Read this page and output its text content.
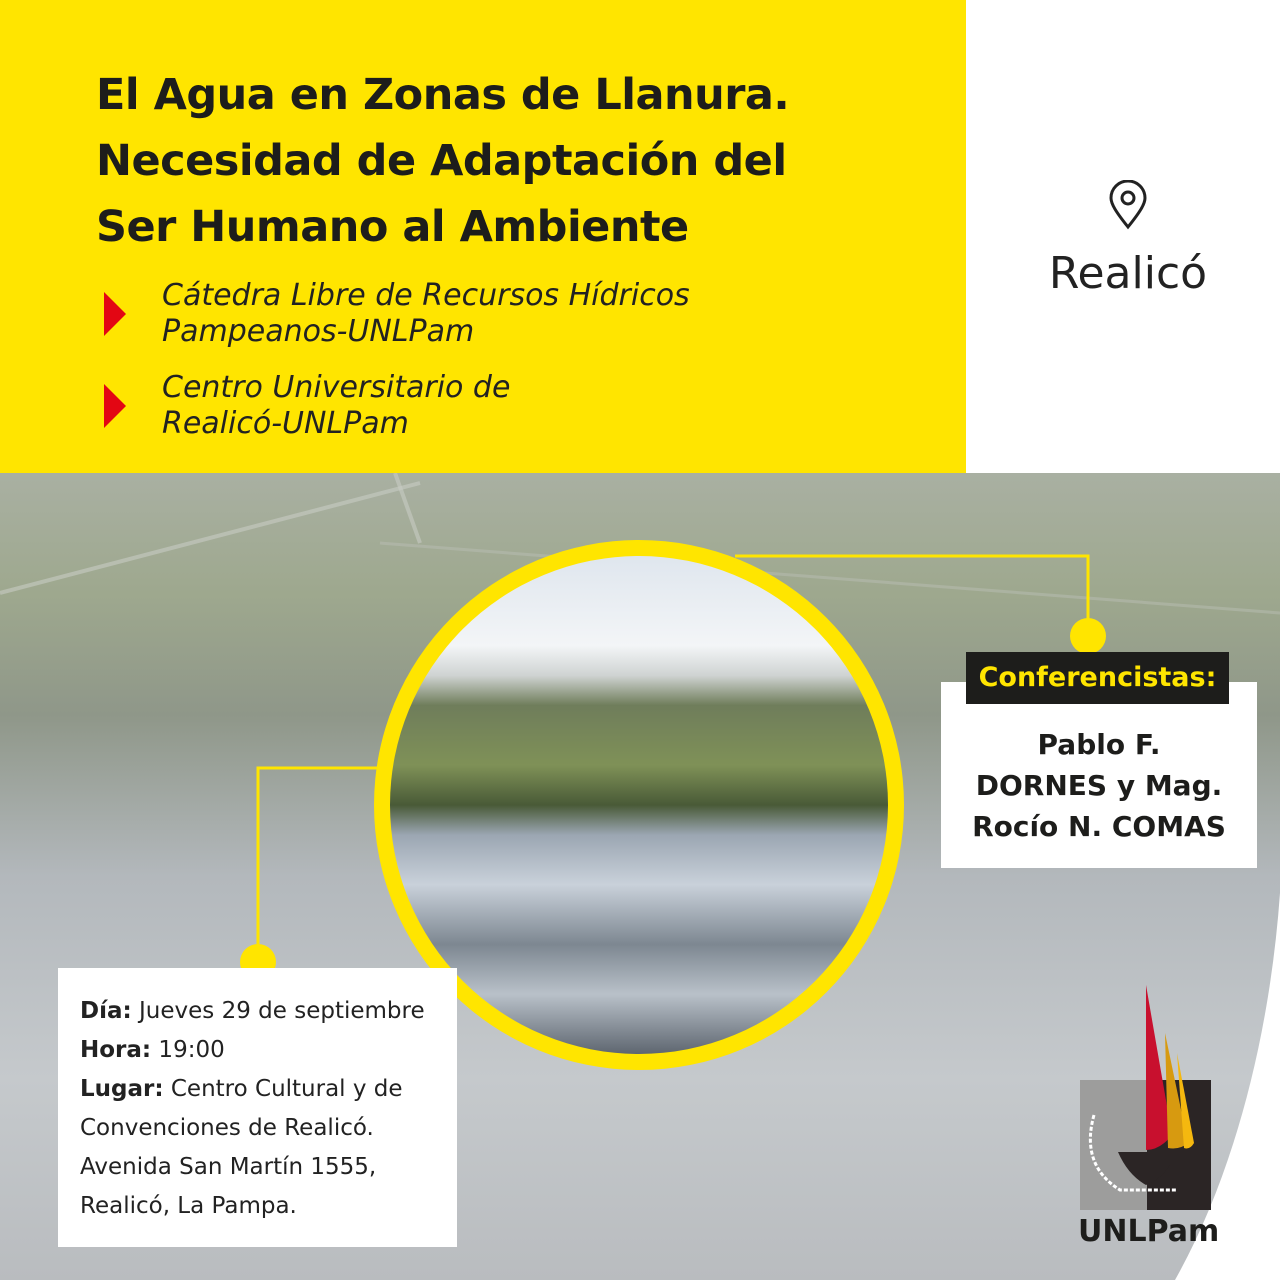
El Agua en Zonas de Llanura.
Necesidad de Adaptación del
Ser Humano al Ambiente
Cátedra Libre de Recursos Hídricos
Pampeanos-UNLPam
Centro Universitario de
Realicó-UNLPam
Realicó
Conferencistas:
Pablo F.
DORNES y Mag.
Rocío N. COMAS
Día: Jueves 29 de septiembre
Hora: 19:00
Lugar: Centro Cultural y de
Convenciones de Realicó.
Avenida San Martín 1555,
Realicó, La Pampa.
UNLPam
